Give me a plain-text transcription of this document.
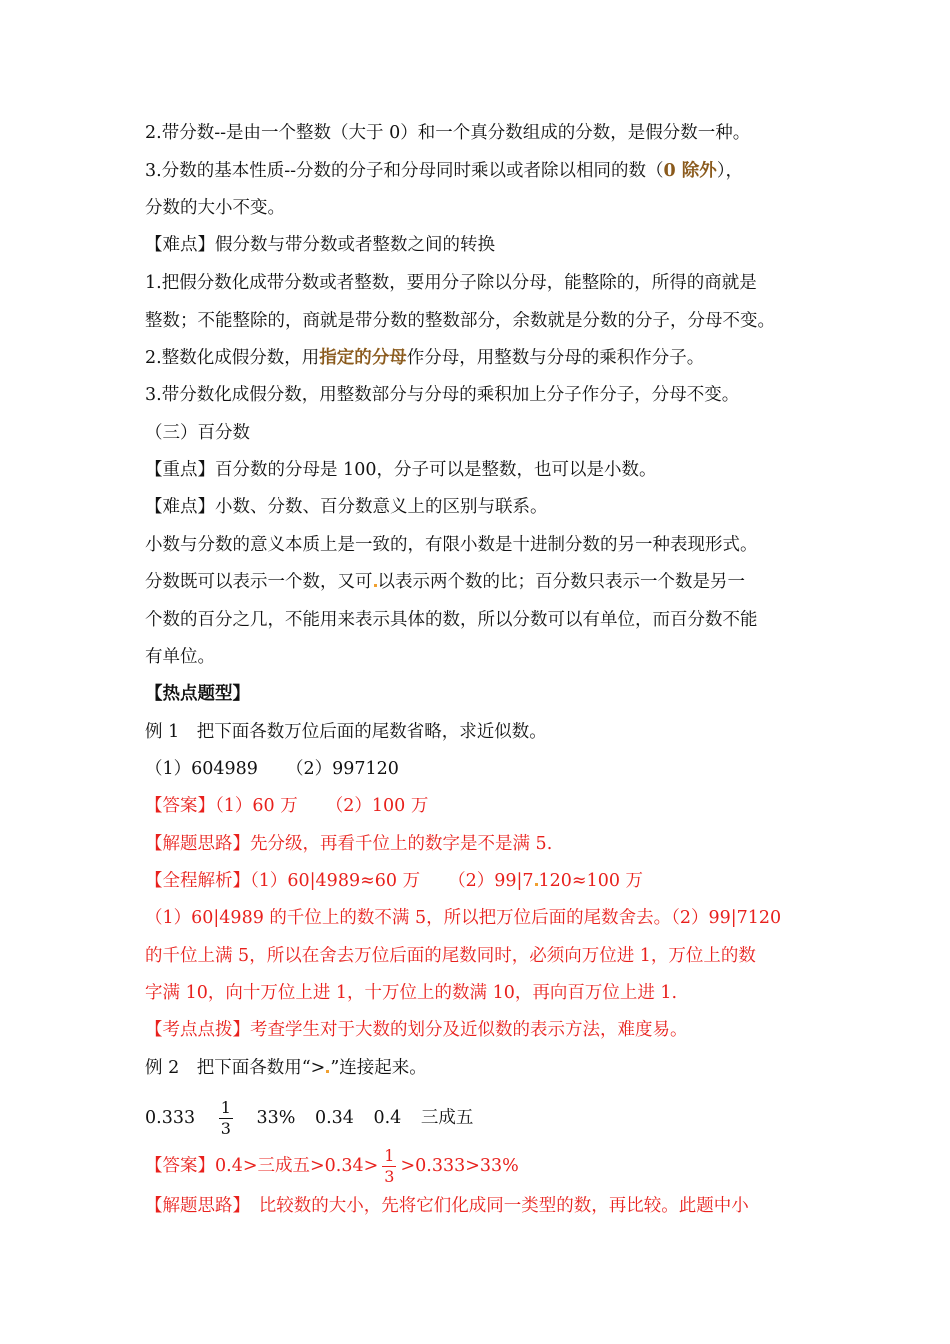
2.带分数--是由一个整数（大于 0）和一个真分数组成的分数，是假分数一种。
3.分数的基本性质--分数的分子和分母同时乘以或者除以相同的数（0 除外），
分数的大小不变。
【难点】假分数与带分数或者整数之间的转换
1.把假分数化成带分数或者整数，要用分子除以分母，能整除的，所得的商就是
整数；不能整除的，商就是带分数的整数部分，余数就是分数的分子，分母不变。
2.整数化成假分数，用指定的分母作分母，用整数与分母的乘积作分子。
3.带分数化成假分数，用整数部分与分母的乘积加上分子作分子，分母不变。
（三）百分数
【重点】百分数的分母是 100，分子可以是整数，也可以是小数。
【难点】小数、分数、百分数意义上的区别与联系。
小数与分数的意义本质上是一致的，有限小数是十进制分数的另一种表现形式。
分数既可以表示一个数，又可 以表示两个数的比；百分数只表示一个数是另一
个数的百分之几，不能用来表示具体的数，所以分数可以有单位，而百分数不能
有单位。
【热点题型】
例 1　把下面各数万位后面的尾数省略，求近似数。
（1）604989 （2）997120
【答案】（1）60 万 （2）100 万
【解题思路】先分级，再看千位上的数字是不是满 5.
【全程解析】（1）60|4989≈60 万 （2）99|7 120≈100 万
（1）60|4989 的千位上的数不满 5，所以把万位后面的尾数舍去。（2）99|7120
的千位上满 5，所以在舍去万位后面的尾数同时，必须向万位进 1，万位上的数
字满 10，向十万位上进 1，十万位上的数满 10，再向百万位上进 1.
【考点点拨】考查学生对于大数的划分及近似数的表示方法，难度易。
例 2　把下面各数用“> ”连接起来。
$0.333 \frac{1}{3} 33\%$ 0.34 0.4 三成五
【答案】0.4>三成五$>0.34> \frac{1}{3} >0.333>33\%$
【解题思路】　比较数的大小，先将它们化成同一类型的数，再比较。此题中小
